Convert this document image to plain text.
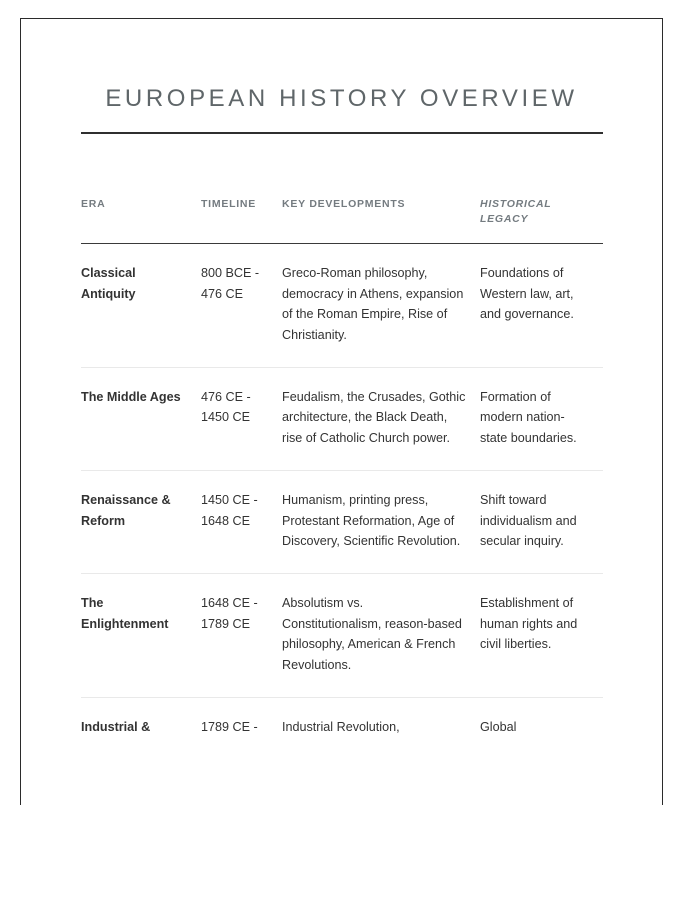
EUROPEAN HISTORY OVERVIEW
ERA	TIMELINE	KEY DEVELOPMENTS	HISTORICAL LEGACY
Classical Antiquity	800 BCE - 476 CE	Greco-Roman philosophy, democracy in Athens, expansion of the Roman Empire, Rise of Christianity.	Foundations of Western law, art, and governance.
The Middle Ages	476 CE - 1450 CE	Feudalism, the Crusades, Gothic architecture, the Black Death, rise of Catholic Church power.	Formation of modern nation-state boundaries.
Renaissance & Reform	1450 CE - 1648 CE	Humanism, printing press, Protestant Reformation, Age of Discovery, Scientific Revolution.	Shift toward individualism and secular inquiry.
The Enlightenment	1648 CE - 1789 CE	Absolutism vs. Constitutionalism, reason-based philosophy, American & French Revolutions.	Establishment of human rights and civil liberties.
Industrial &	1789 CE -	Industrial Revolution,	Global
